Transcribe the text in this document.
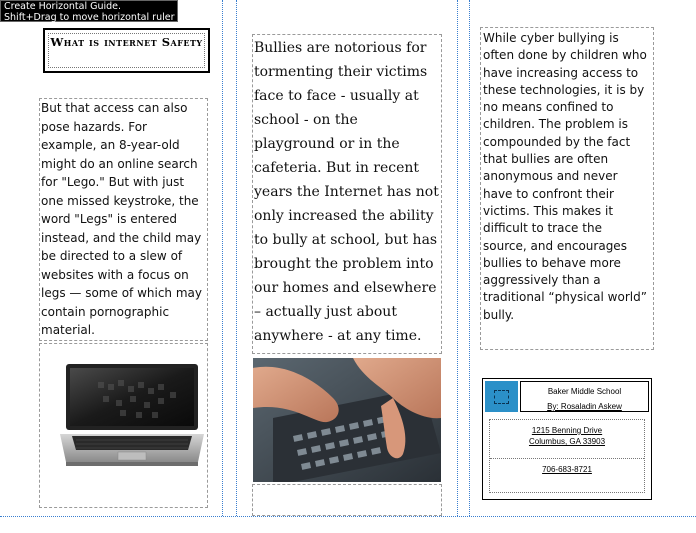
What is internet Safety
But that access can also pose hazards. For example, an 8-year-old might do an online search for "Lego." But with just one missed keystroke, the word "Legs" is entered instead, and the child may be directed to a slew of websites with a focus on legs — some of which may contain pornographic material.
Bullies are notorious for tormenting their victims face to face - usually at school - on the playground or in the cafeteria. But in recent years the Internet has not only increased the ability to bully at school, but has brought the problem into our homes and elsewhere – actually just about anywhere - at any time.
While cyber bullying is often done by children who have increasing access to these technologies, it is by no means confined to children. The problem is compounded by the fact that bullies are often anonymous and never have to confront their victims. This makes it difficult to trace the source, and encourages bullies to behave more aggressively than a traditional “physical world” bully.
Baker Middle School
By: Rosaladin Askew
1215 Benning Drive
Columbus, GA 33903
706-683-8721
Create Horizontal Guide.
Shift+Drag to move horizontal ruler
